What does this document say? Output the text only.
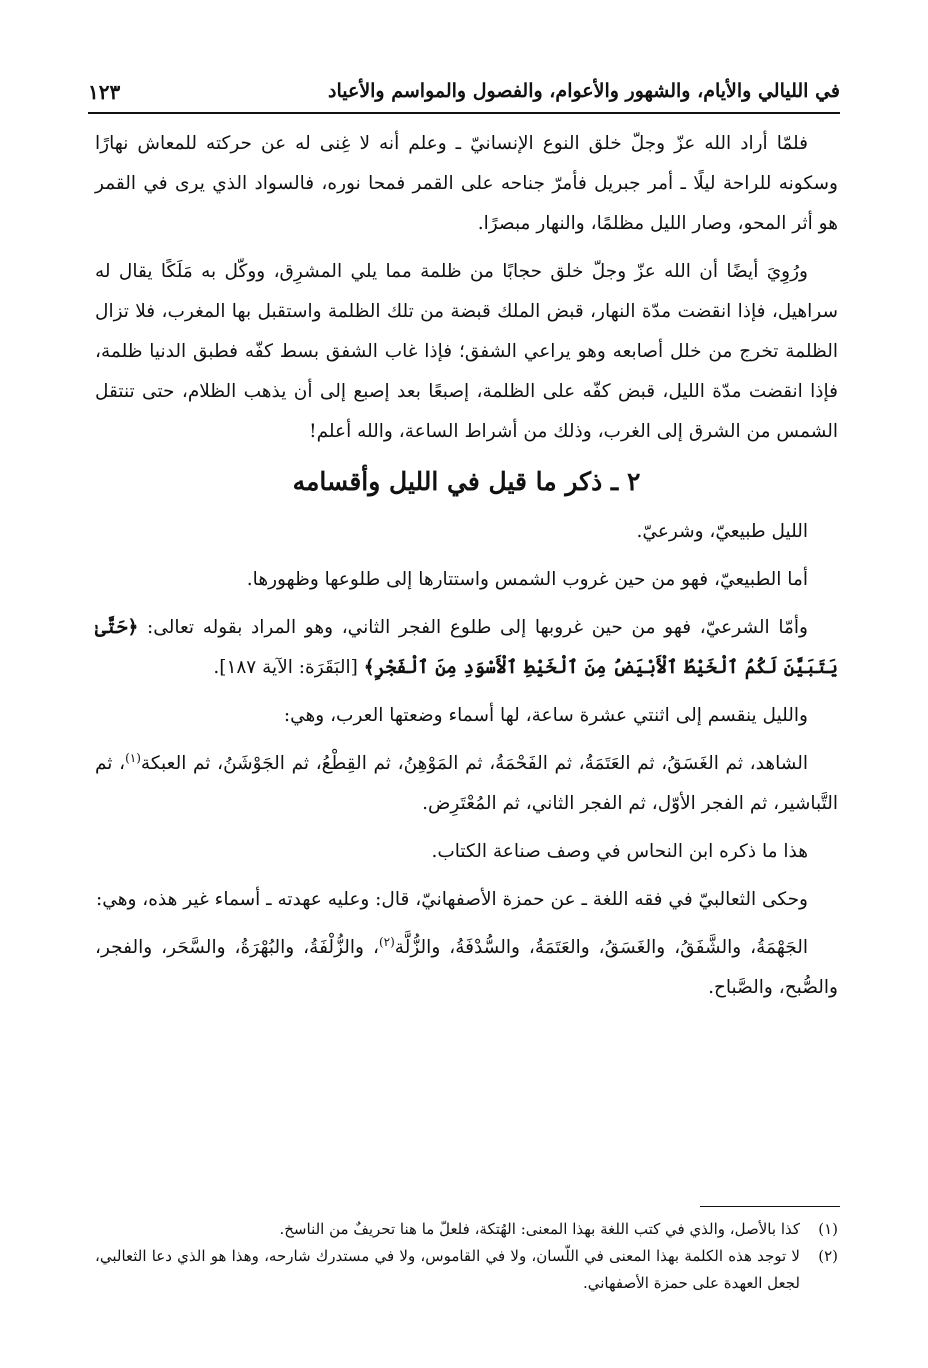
في الليالي والأيام، والشهور والأعوام، والفصول والمواسم والأعياد
١٢٣

فلمّا أراد الله عزّ وجلّ خلق النوع الإنسانيّ ـ وعلم أنه لا غِنى له عن حركته للمعاش نهارًا وسكونه للراحة ليلًا ـ أمر جبريل فأمرّ جناحه على القمر فمحا نوره، فالسواد الذي يرى في القمر هو أثر المحو، وصار الليل مظلمًا، والنهار مبصرًا.

ورُوِيَ أيضًا أن الله عزّ وجلّ خلق حجابًا من ظلمة مما يلي المشرِق، ووكّل به مَلَكًا يقال له سراهيل، فإذا انقضت مدّة النهار، قبض الملك قبضة من تلك الظلمة واستقبل بها المغرب، فلا تزال الظلمة تخرج من خلل أصابعه وهو يراعي الشفق؛ فإذا غاب الشفق بسط كفّه فطبق الدنيا ظلمة، فإذا انقضت مدّة الليل، قبض كفّه على الظلمة، إصبعًا بعد إصبع إلى أن يذهب الظلام، حتى تنتقل الشمس من الشرق إلى الغرب، وذلك من أشراط الساعة، والله أعلم!

٢ ـ ذكر ما قيل في الليل وأقسامه

الليل طبيعيّ، وشرعيّ.

أما الطبيعيّ، فهو من حين غروب الشمس واستتارها إلى طلوعها وظهورها.

وأمّا الشرعيّ، فهو من حين غروبها إلى طلوع الفجر الثاني، وهو المراد بقوله تعالى: ﴿حَتَّىٰ يَتَبَيَّنَ لَكُمُ ٱلْخَيْطُ ٱلْأَبْيَضُ مِنَ ٱلْخَيْطِ ٱلْأَسْوَدِ مِنَ ٱلْفَجْرِ﴾ [البَقَرَة: الآية ١٨٧].

والليل ينقسم إلى اثنتي عشرة ساعة، لها أسماء وضعتها العرب، وهي:

الشاهد، ثم الغَسَقُ، ثم العَتَمَةُ، ثم الفَحْمَةُ، ثم المَوْهِنُ، ثم القِطْعُ، ثم الجَوْشَنُ، ثم العبكة$^{(١)}$، ثم التَّباشير، ثم الفجر الأوّل، ثم الفجر الثاني، ثم المُعْتَرِض.

هذا ما ذكره ابن النحاس في وصف صناعة الكتاب.

وحكى الثعالبيّ في فقه اللغة ـ عن حمزة الأصفهانيّ، قال: وعليه عهدته ـ أسماء غير هذه، وهي:

الجَهْمَةُ، والشَّفَقُ، والغَسَقُ، والعَتَمَةُ، والسُّدْفَةُ، والزُّلَّة$^{(٢)}$، والزُّلْفَةُ، والبُهْرَةُ، والسَّحَر، والفجر، والصُّبح، والصَّباح.

(١)
كذا بالأصل، والذي في كتب اللغة بهذا المعنى: الهُتكة، فلعلّ ما هنا تحريفٌ من الناسخ.
(٢)
لا توجد هذه الكلمة بهذا المعنى في اللّسان، ولا في القاموس، ولا في مستدرك شارحه، وهذا هو الذي دعا الثعالبي، لجعل العهدة على حمزة الأصفهاني.
